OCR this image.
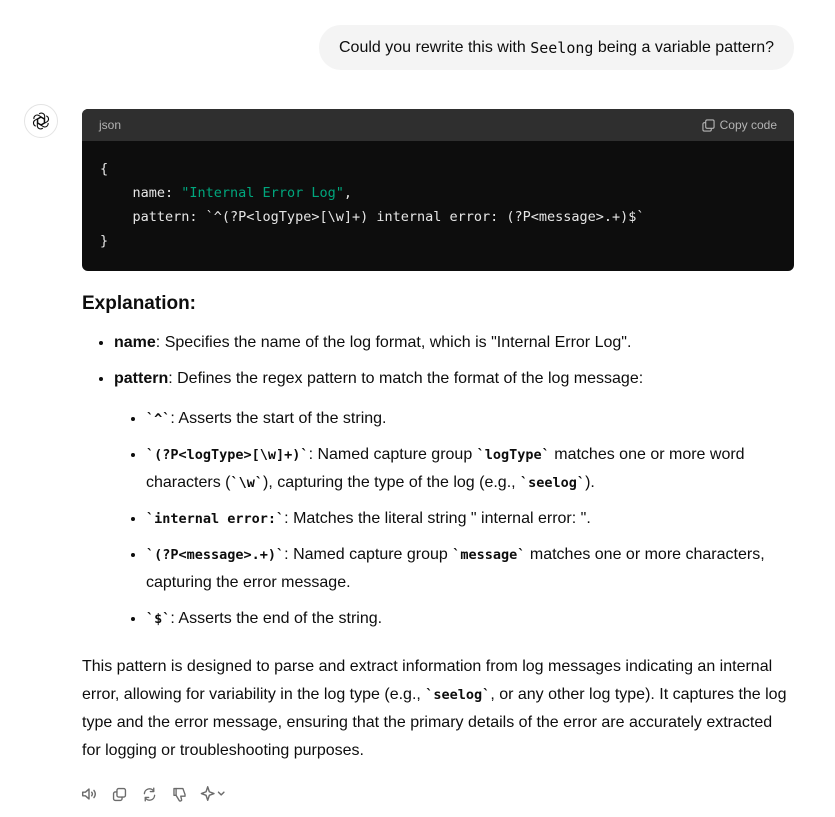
Could you rewrite this with
Seelong
being a variable pattern?
json	Copy code
{
name: "Internal Error Log",
pattern: `^(?P<logType>[\w]+) internal error: (?P<message>.+)$`
}
Explanation:
• name: Specifies the name of the log format, which is "Internal Error Log".
• pattern: Defines the regex pattern to match the format of the log message:
• `^`: Asserts the start of the string.
• `(?P<logType>[\w]+)`: Named capture group `logType` matches one or more word characters (`\w`), capturing the type of the log (e.g., `seelog`).
• `internal error:`: Matches the literal string " internal error: ".
• `(?P<message>.+)`: Named capture group `message` matches one or more characters, capturing the error message.
• `$`: Asserts the end of the string.

This pattern is designed to parse and extract information from log messages indicating an internal error, allowing for variability in the log type (e.g., `seelog`, or any other log type). It captures the log type and the error message, ensuring that the primary details of the error are accurately extracted for logging or troubleshooting purposes.
